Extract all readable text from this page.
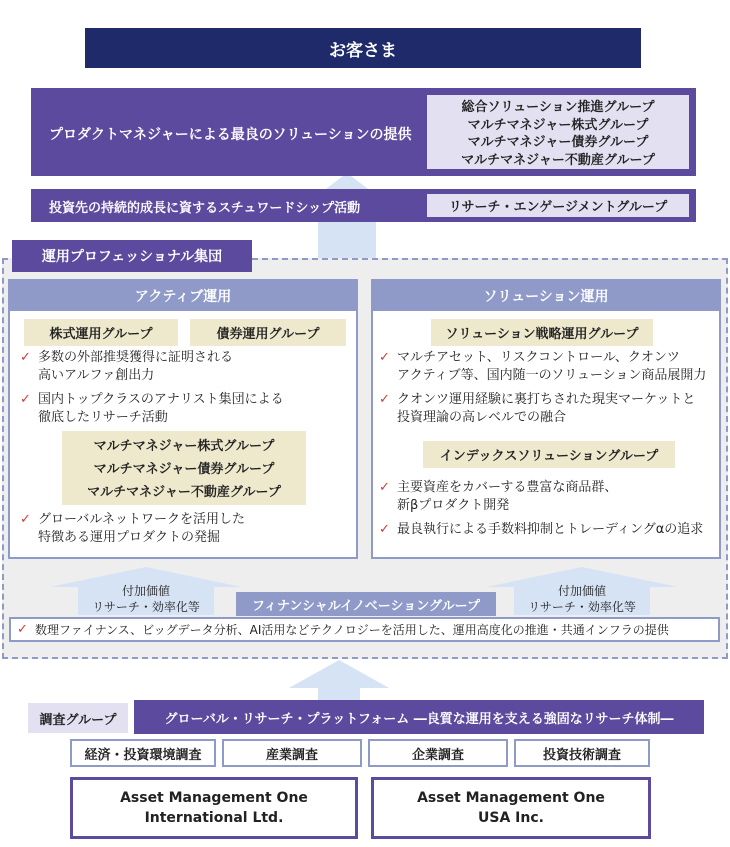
お客さま
プロダクトマネジャーによる最良のソリューションの提供
総合ソリューション推進グループ
マルチマネジャー株式グループ
マルチマネジャー債券グループ
マルチマネジャー不動産グループ
投資先の持続的成長に資するスチュワードシップ活動	リサーチ・エンゲージメントグループ
運用プロフェッショナル集団
アクティブ運用
株式運用グループ	債券運用グループ
✓ 多数の外部推奨獲得に証明される
高いアルファ創出力
✓ 国内トップクラスのアナリスト集団による
徹底したリサーチ活動
マルチマネジャー株式グループ
マルチマネジャー債券グループ
マルチマネジャー不動産グループ
✓ グローバルネットワークを活用した
特徴ある運用プロダクトの発掘
ソリューション運用
ソリューション戦略運用グループ
✓ マルチアセット、リスクコントロール、クオンツ
アクティブ等、国内随一のソリューション商品展開力
✓ クオンツ運用経験に裏打ちされた現実マーケットと
投資理論の高レベルでの融合
インデックスソリューショングループ
✓ 主要資産をカバーする豊富な商品群、
新βプロダクト開発
✓ 最良執行による手数料抑制とトレーディングαの追求
付加価値
リサーチ・効率化等
付加価値
リサーチ・効率化等
フィナンシャルイノベーショングループ
✓ 数理ファイナンス、ビッグデータ分析、AI活用などテクノロジーを活用した、運用高度化の推進・共通インフラの提供
調査グループ	グローバル・リサーチ・プラットフォーム ―良質な運用を支える強固なリサーチ体制―
経済・投資環境調査	産業調査	企業調査	投資技術調査
Asset Management One
International Ltd.
Asset Management One
USA Inc.
